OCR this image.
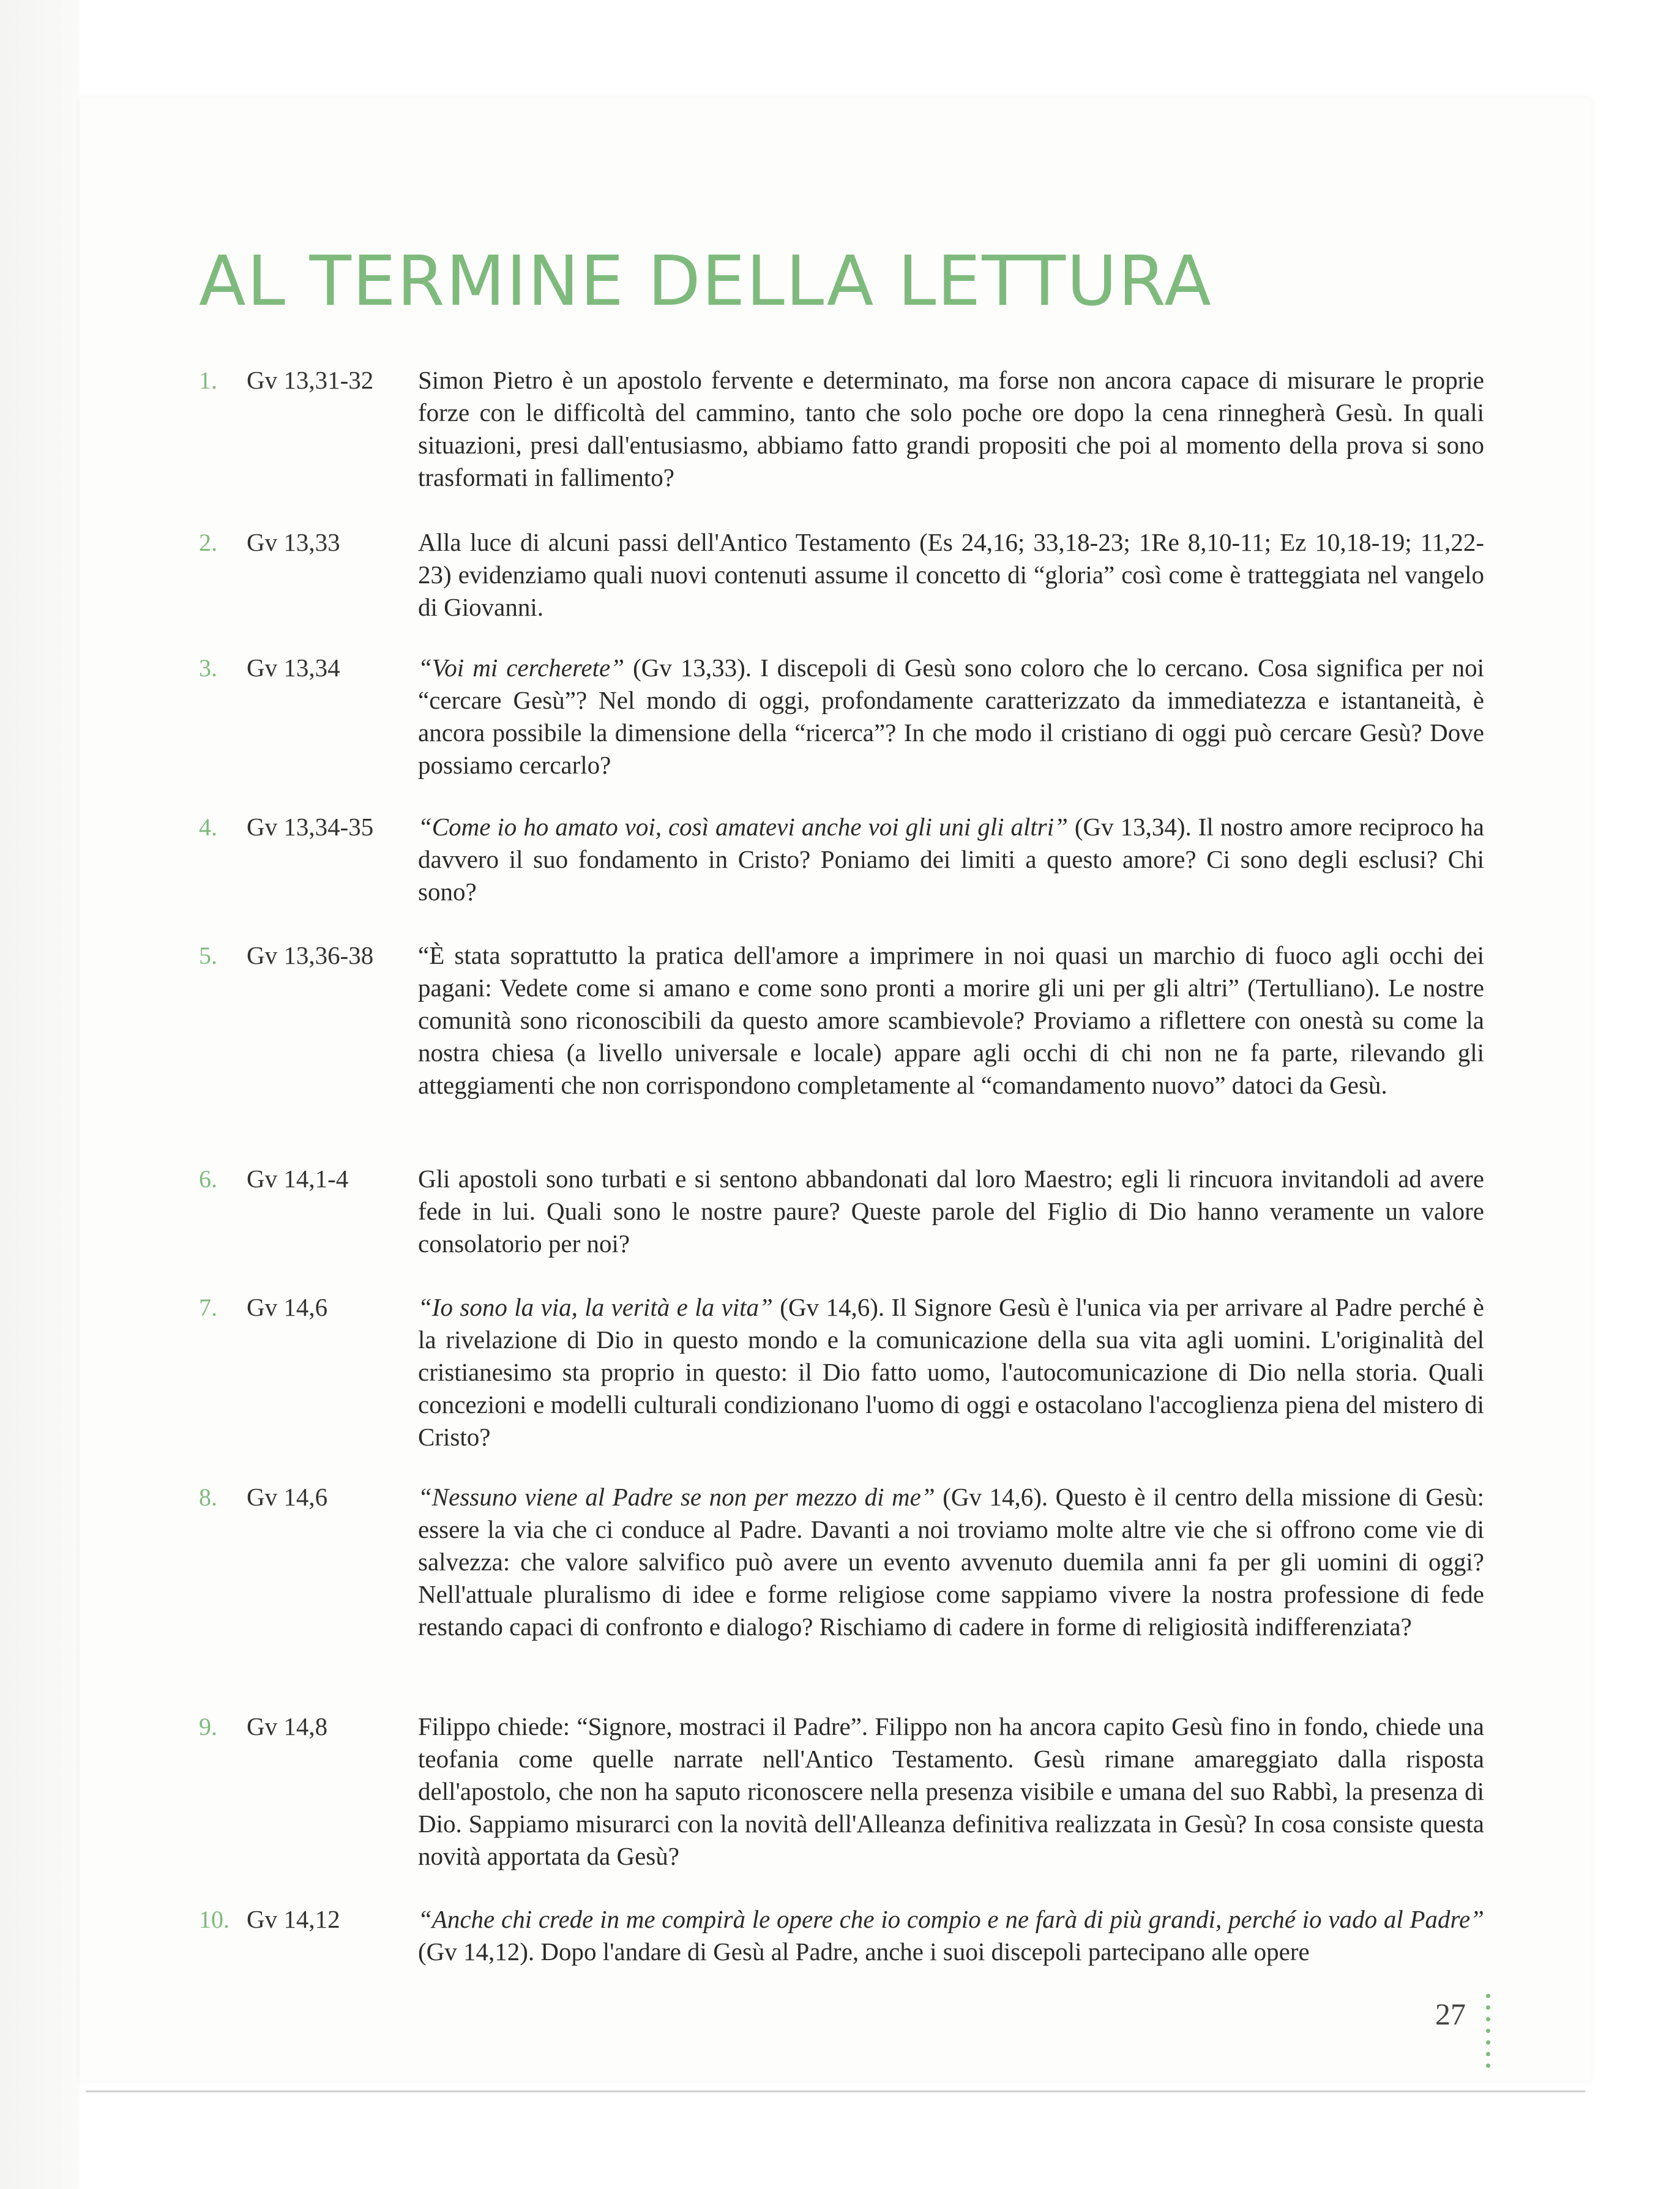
AL TERMINE DELLA LETTURA
1.	Gv 13,31-32	Simon Pietro è un apostolo fervente e determinato, ma forse non ancora capace di misurare le proprie forze con le difficoltà del cammino, tanto che solo poche ore dopo la cena rinnegherà Gesù. In quali situazioni, presi dall'entusiasmo, abbiamo fatto grandi propositi che poi al momento della prova si sono trasformati in fallimento?
2.	Gv 13,33	Alla luce di alcuni passi dell'Antico Testamento (Es 24,16; 33,18-23; 1Re 8,10-11; Ez 10,18-19; 11,22-23) evidenziamo quali nuovi contenuti assume il concetto di “gloria” così come è tratteggiata nel vangelo di Giovanni.
3.	Gv 13,34	“Voi mi cercherete” (Gv 13,33). I discepoli di Gesù sono coloro che lo cercano. Cosa significa per noi “cercare Gesù”? Nel mondo di oggi, profondamente caratterizzato da immediatezza e istantaneità, è ancora possibile la dimensione della “ricerca”? In che modo il cristiano di oggi può cercare Gesù? Dove possiamo cercarlo?
4.	Gv 13,34-35	“Come io ho amato voi, così amatevi anche voi gli uni gli altri” (Gv 13,34). Il nostro amore reciproco ha davvero il suo fondamento in Cristo? Poniamo dei limiti a questo amore? Ci sono degli esclusi? Chi sono?
5.	Gv 13,36-38	“È stata soprattutto la pratica dell'amore a imprimere in noi quasi un marchio di fuoco agli occhi dei pagani: Vedete come si amano e come sono pronti a morire gli uni per gli altri” (Tertulliano). Le nostre comunità sono riconoscibili da questo amore scambievole? Proviamo a riflettere con onestà su come la nostra chiesa (a livello universale e locale) appare agli occhi di chi non ne fa parte, rilevando gli atteggiamenti che non corrispondono completamente al “comandamento nuovo” datoci da Gesù.
6.	Gv 14,1-4	Gli apostoli sono turbati e si sentono abbandonati dal loro Maestro; egli li rincuora invitandoli ad avere fede in lui. Quali sono le nostre paure? Queste parole del Figlio di Dio hanno veramente un valore consolatorio per noi?
7.	Gv 14,6	“Io sono la via, la verità e la vita” (Gv 14,6). Il Signore Gesù è l'unica via per arrivare al Padre perché è la rivelazione di Dio in questo mondo e la comunicazione della sua vita agli uomini. L'originalità del cristianesimo sta proprio in questo: il Dio fatto uomo, l'autocomunicazione di Dio nella storia. Quali concezioni e modelli culturali condizionano l'uomo di oggi e ostacolano l'accoglienza piena del mistero di Cristo?
8.	Gv 14,6	“Nessuno viene al Padre se non per mezzo di me” (Gv 14,6). Questo è il centro della missione di Gesù: essere la via che ci conduce al Padre. Davanti a noi troviamo molte altre vie che si offrono come vie di salvezza: che valore salvifico può avere un evento avvenuto duemila anni fa per gli uomini di oggi? Nell'attuale pluralismo di idee e forme religiose come sappiamo vivere la nostra professione di fede restando capaci di confronto e dialogo? Rischiamo di cadere in forme di religiosità indifferenziata?
9.	Gv 14,8	Filippo chiede: “Signore, mostraci il Padre”. Filippo non ha ancora capito Gesù fino in fondo, chiede una teofania come quelle narrate nell'Antico Testamento. Gesù rimane amareggiato dalla risposta dell'apostolo, che non ha saputo riconoscere nella presenza visibile e umana del suo Rabbì, la presenza di Dio. Sappiamo misurarci con la novità dell'Alleanza definitiva realizzata in Gesù? In cosa consiste questa novità apportata da Gesù?
10. Gv 14,12	“Anche chi crede in me compirà le opere che io compio e ne farà di più grandi, perché io vado al Padre” (Gv 14,12). Dopo l'andare di Gesù al Padre, anche i suoi discepoli partecipano alle opere
27
